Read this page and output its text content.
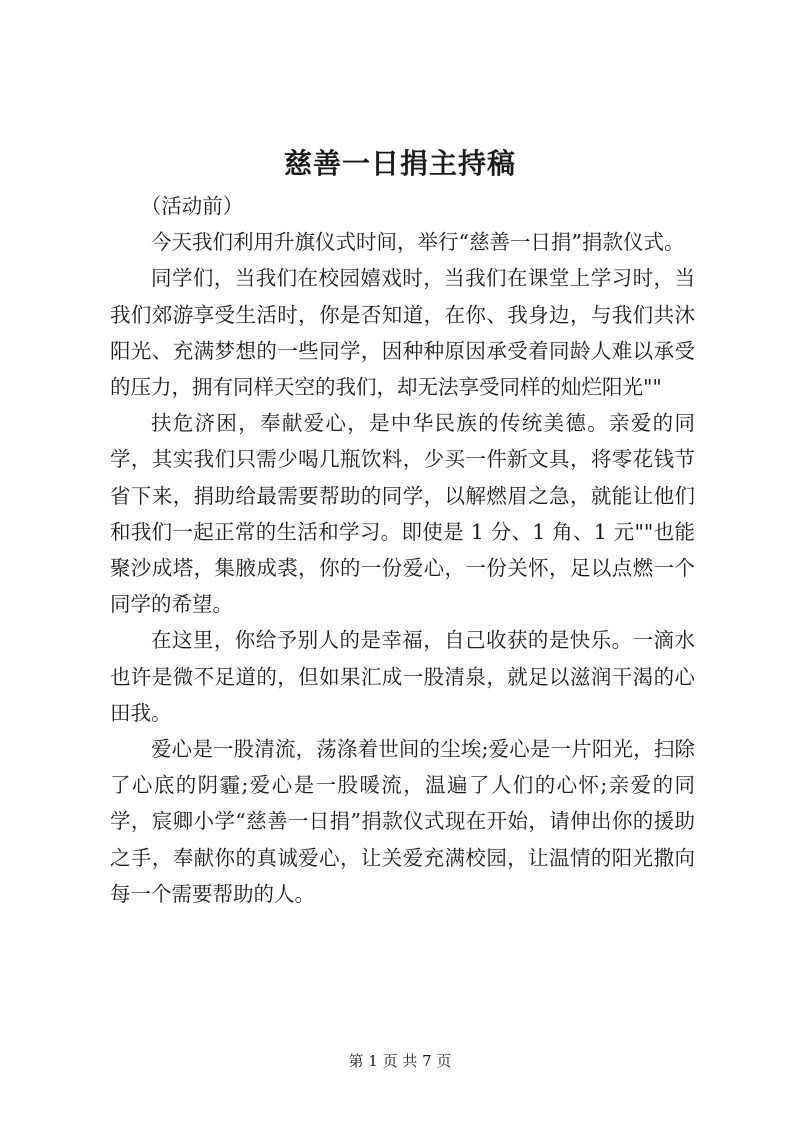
慈善一日捐主持稿

（活动前）

今天我们利用升旗仪式时间，举行“慈善一日捐”捐款仪式。

同学们，当我们在校园嬉戏时，当我们在课堂上学习时，当我们郊游享受生活时，你是否知道，在你、我身边，与我们共沐阳光、充满梦想的一些同学，因种种原因承受着同龄人难以承受的压力，拥有同样天空的我们，却无法享受同样的灿烂阳光""

扶危济困，奉献爱心，是中华民族的传统美德。亲爱的同学，其实我们只需少喝几瓶饮料，少买一件新文具，将零花钱节省下来，捐助给最需要帮助的同学，以解燃眉之急，就能让他们和我们一起正常的生活和学习。即使是 1 分、1 角、1 元""也能聚沙成塔，集腋成裘，你的一份爱心，一份关怀，足以点燃一个同学的希望。

在这里，你给予别人的是幸福，自己收获的是快乐。一滴水也许是微不足道的，但如果汇成一股清泉，就足以滋润干渴的心田我。

爱心是一股清流，荡涤着世间的尘埃;爱心是一片阳光，扫除了心底的阴霾;爱心是一股暖流，温遍了人们的心怀;亲爱的同学，宸卿小学“慈善一日捐”捐款仪式现在开始，请伸出你的援助之手，奉献你的真诚爱心，让关爱充满校园，让温情的阳光撒向每一个需要帮助的人。

第 1 页 共 7 页
